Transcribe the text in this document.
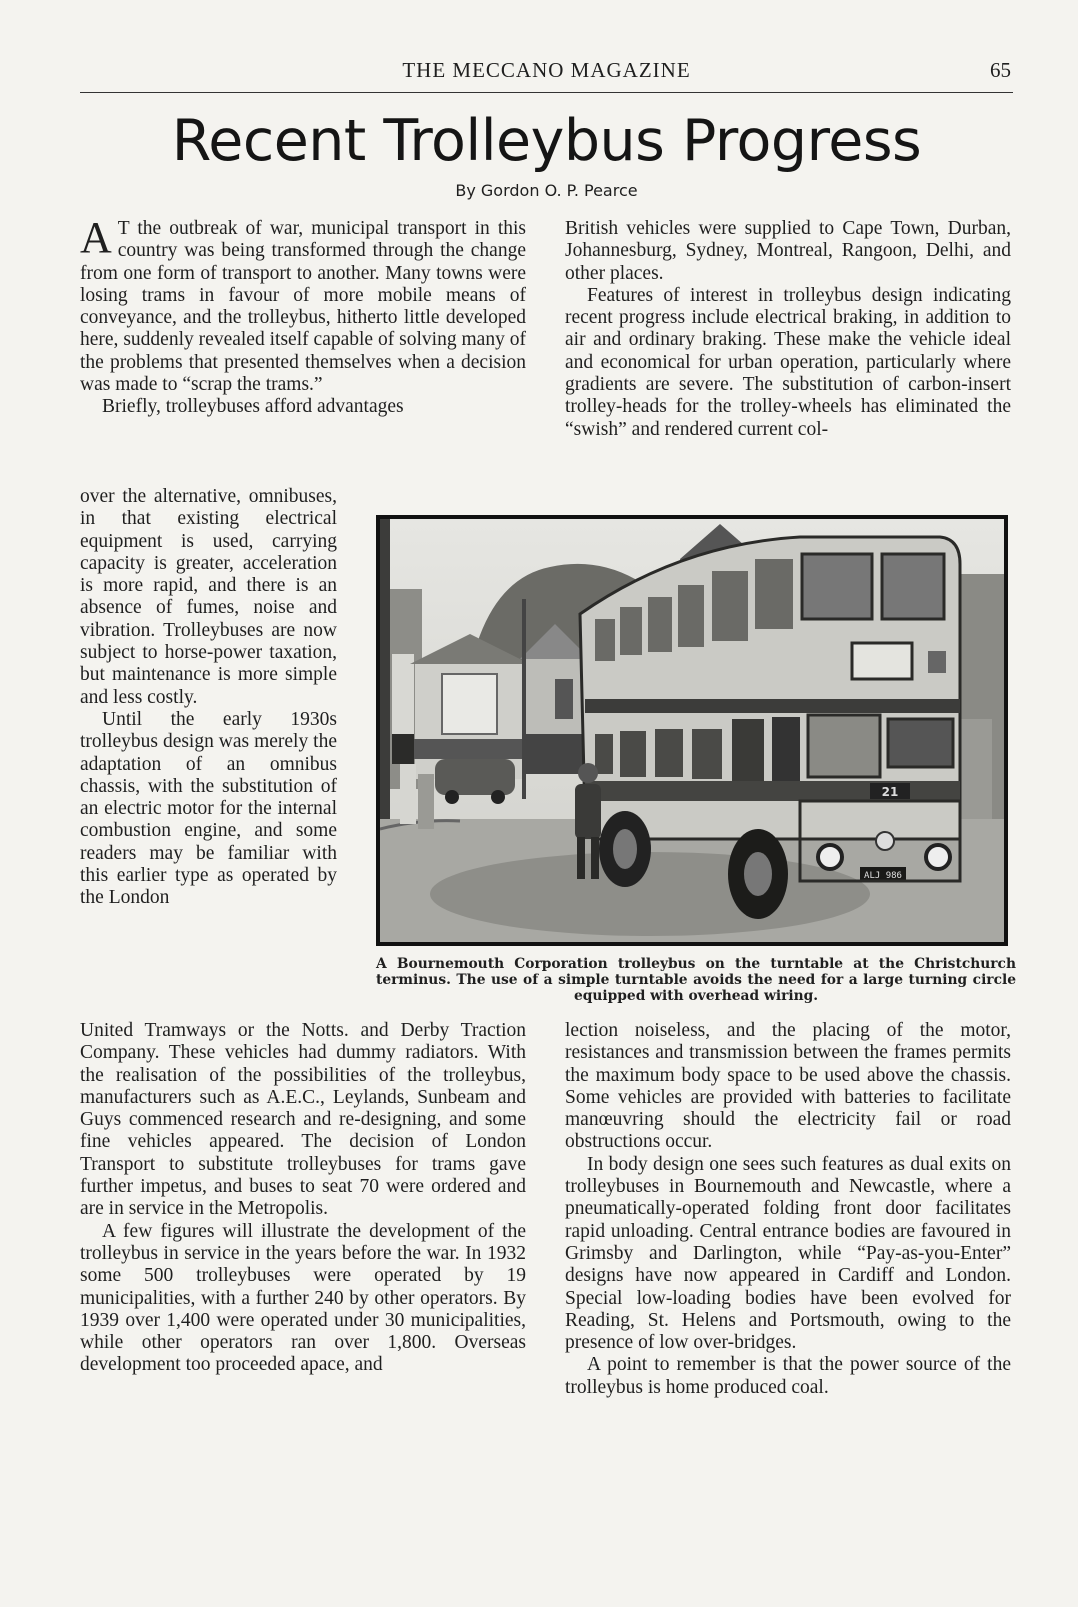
THE MECCANO MAGAZINE	65
Recent Trolleybus Progress
By Gordon O. P. Pearce

A T the outbreak of war, municipal transport in this country was being transformed through the change from one form of transport to another. Many towns were losing trams in favour of more mobile means of conveyance, and the trolleybus, hitherto little developed here, suddenly revealed itself capable of solving many of the problems that presented themselves when a decision was made to “scrap the trams.”

Briefly, trolleybuses afford advantages

over the alternative, omnibuses, in that existing electrical equipment is used, carrying capacity is greater, acceleration is more rapid, and there is an absence of fumes, noise and vibration. Trolleybuses are now subject to horse-power taxation, but maintenance is more simple and less costly.

Until the early 1930s trolleybus design was merely the adaptation of an omnibus chassis, with the substitution of an electric motor for the internal combustion engine, and some readers may be familiar with this earlier type as operated by the London

United Tramways or the Notts. and Derby Traction Company. These vehicles had dummy radiators. With the realisation of the possibilities of the trolleybus, manufacturers such as A.E.C., Leylands, Sunbeam and Guys commenced research and re-designing, and some fine vehicles appeared. The decision of London Transport to substitute trolleybuses for trams gave further impetus, and buses to seat 70 were ordered and are in service in the Metropolis.

A few figures will illustrate the development of the trolleybus in service in the years before the war. In 1932 some 500 trolleybuses were operated by 19 municipalities, with a further 240 by other operators. By 1939 over 1,400 were operated under 30 municipalities, while other operators ran over 1,800. Overseas development too proceeded apace, and

British vehicles were supplied to Cape Town, Durban, Johannesburg, Sydney, Montreal, Rangoon, Delhi, and other places.

Features of interest in trolleybus design indicating recent progress include electrical braking, in addition to air and ordinary braking. These make the vehicle ideal and economical for urban operation, particularly where gradients are severe. The substitution of carbon-insert trolley-heads for the trolley-wheels has eliminated the “swish” and rendered current col-

lection noiseless, and the placing of the motor, resistances and transmission between the frames permits the maximum body space to be used above the chassis. Some vehicles are provided with batteries to facilitate manœuvring should the electricity fail or road obstructions occur.

In body design one sees such features as dual exits on trolleybuses in Bournemouth and Newcastle, where a pneumatically-operated folding front door facilitates rapid unloading. Central entrance bodies are favoured in Grimsby and Darlington, while “Pay-as-you-Enter” designs have now appeared in Cardiff and London. Special low-loading bodies have been evolved for Reading, St. Helens and Portsmouth, owing to the presence of low over-bridges.

A point to remember is that the power source of the trolleybus is home produced coal.

21
ALJ 986
A Bournemouth Corporation trolleybus on the turntable at the Christchurch terminus. The use of a simple turntable avoids the need for a large turning circle equipped with overhead wiring.
